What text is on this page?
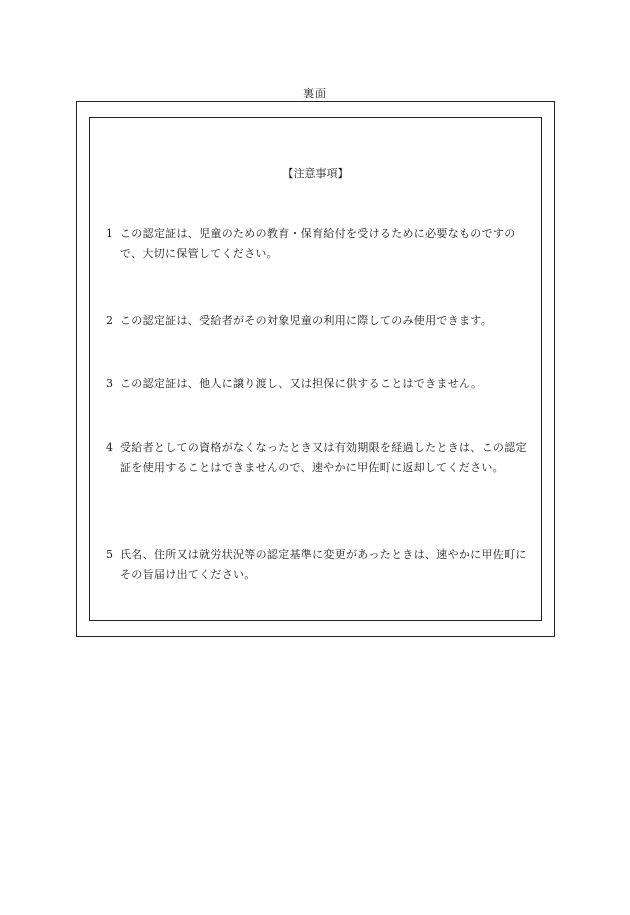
裏面
【注意事項】
1 この認定証は、児童のための教育・保育給付を受けるために必要なものですので、大切に保管してください。
2 この認定証は、受給者がその対象児童の利用に際してのみ使用できます。
3 この認定証は、他人に譲り渡し、又は担保に供することはできません。
4 受給者としての資格がなくなったとき又は有効期限を経過したときは、この認定証を使用することはできませんので、速やかに甲佐町に返却してください。
5 氏名、住所又は就労状況等の認定基準に変更があったときは、速やかに甲佐町にその旨届け出てください。
